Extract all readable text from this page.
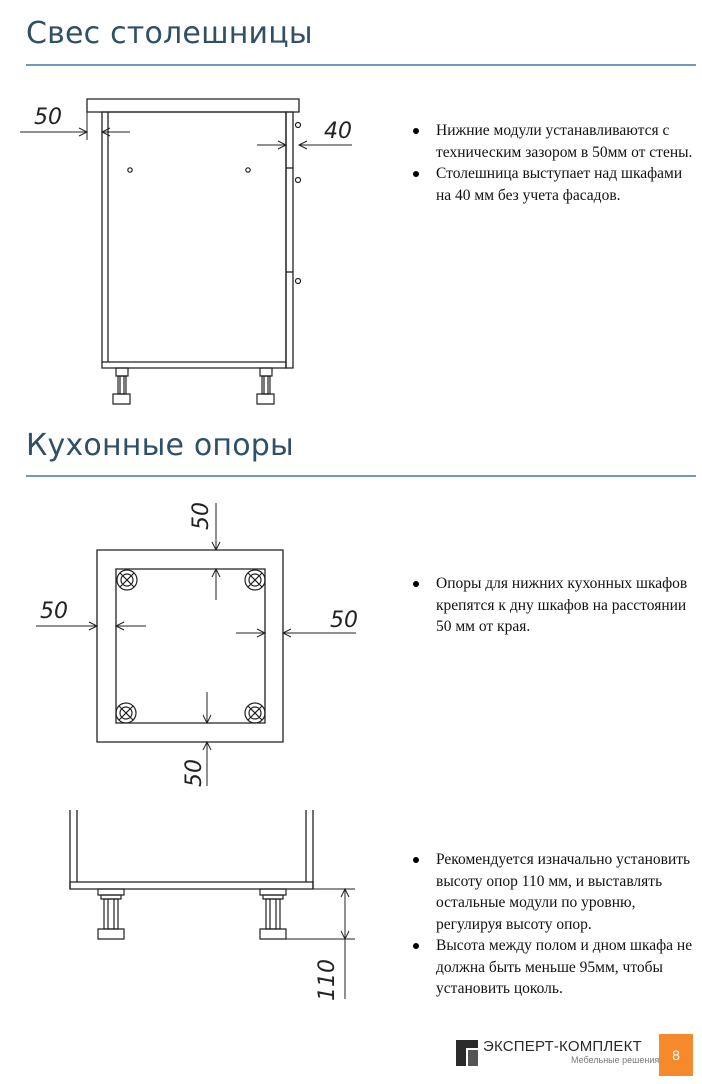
Свес столешницы
50
40	Нижние модули устанавливаются с техническим зазором в 50мм от стены.
Столешница выступает над шкафами на 40 мм без учета фасадов.
Кухонные опоры
50
50	50
50
Опоры для нижних кухонных шкафов крепятся к дну шкафов на расстоянии 50 мм от края.
110
Рекомендуется изначально установить высоту опор 110 мм, и выставлять остальные модули по уровню, регулируя высоту опор.
Высота между полом и дном шкафа не должна быть меньше 95мм, чтобы установить цоколь.
ЭКСПЕРТ-КОМПЛЕКТ
Мебельные решения 8
